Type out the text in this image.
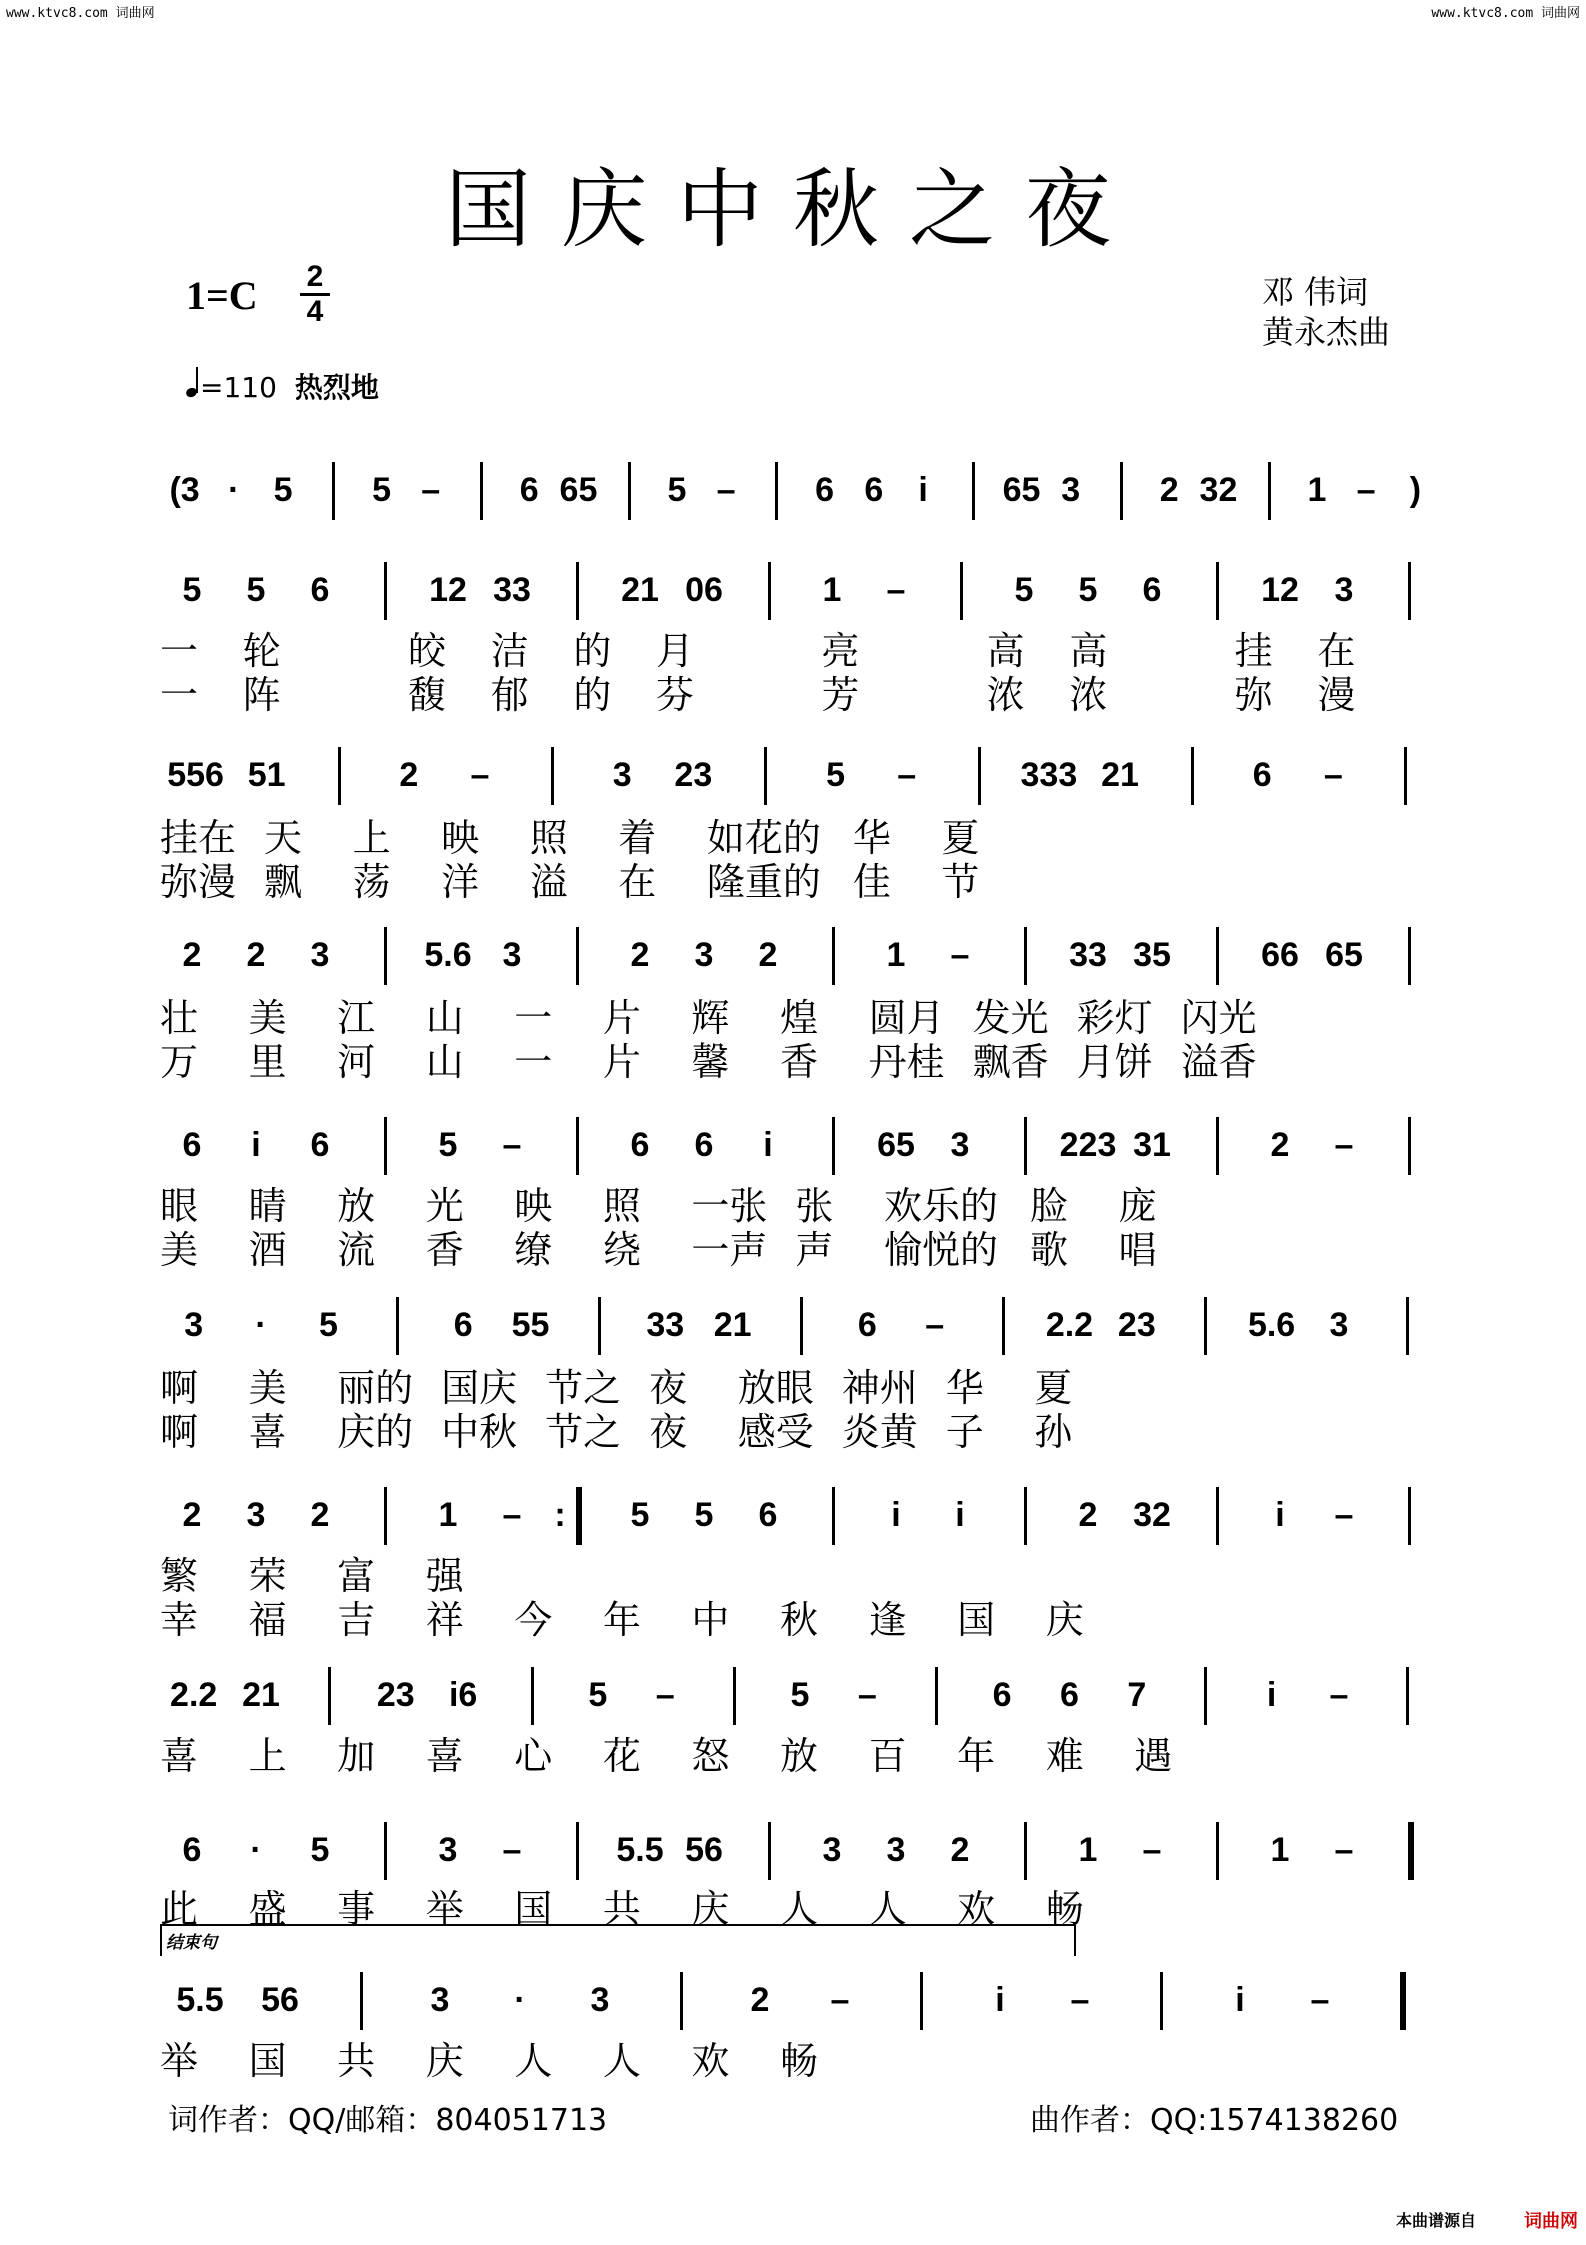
www.ktvc8.com 词曲网	www.ktvc8.com 词曲网
国庆中秋之夜
1=C 2
4
邓 伟词
黄永杰曲
=110 热烈地
(3 ·	5	5 –	6 65	5 –	6 6	i	65 3	2 32	1 –	)
5	5	6	12 33	21 06	1	–	5	5	6	12	3
一 轮	皎 洁 的 月	亮	高 高	挂 在
一 阵	馥 郁 的 芬	芳	浓 浓	弥 漫
556 51	2	–	3	23	5	–	333 21	6	–
挂在 天 上 映 照 着 如花的 华 夏
弥漫 飘 荡 洋 溢 在 隆重的 佳 节
2	2	3	5.6 3	2	3	2	1	–	33 35	66 65
壮 美 江 山 一 片 辉 煌 圆月 发光 彩灯 闪光
万 里 河 山 一 片 馨 香 丹桂 飘香 月饼 溢香
6	i	6	5	–	6	6	i	65	3	223 31	2	–
眼 睛 放 光 映 照 一张 张 欢乐的 脸 庞
美 酒 流 香 缭 绕 一声 声 愉悦的 歌 唱
3	·	5	6	55	33 21	6	–	2.2 23	5.6	3
啊 美 丽的 国庆 节之 夜 放眼 神州 华 夏
啊 喜 庆的 中秋 节之 夜 感受 炎黄 子 孙
2	3	2	1	– :	5	5	6	i	i	2	32	i	–
繁 荣 富 强
幸 福 吉 祥 今 年 中 秋 逢 国 庆
2.2 21	23	i6	5	–	5	–	6	6	7	i	–
喜 上 加 喜 心 花 怒 放 百 年 难 遇
6	·	5	3	–	5.5 56	3	3	2	1	–	1	–
此 盛 事 举 国 共 庆 人 人 欢 畅
5.5	56	3	·	3	2	–	i	–	i	–
举 国 共 庆 人 人 欢 畅
结束句
词作者：QQ/邮箱：804051713	曲作者：QQ:1574138260
本曲谱源自	词曲网
